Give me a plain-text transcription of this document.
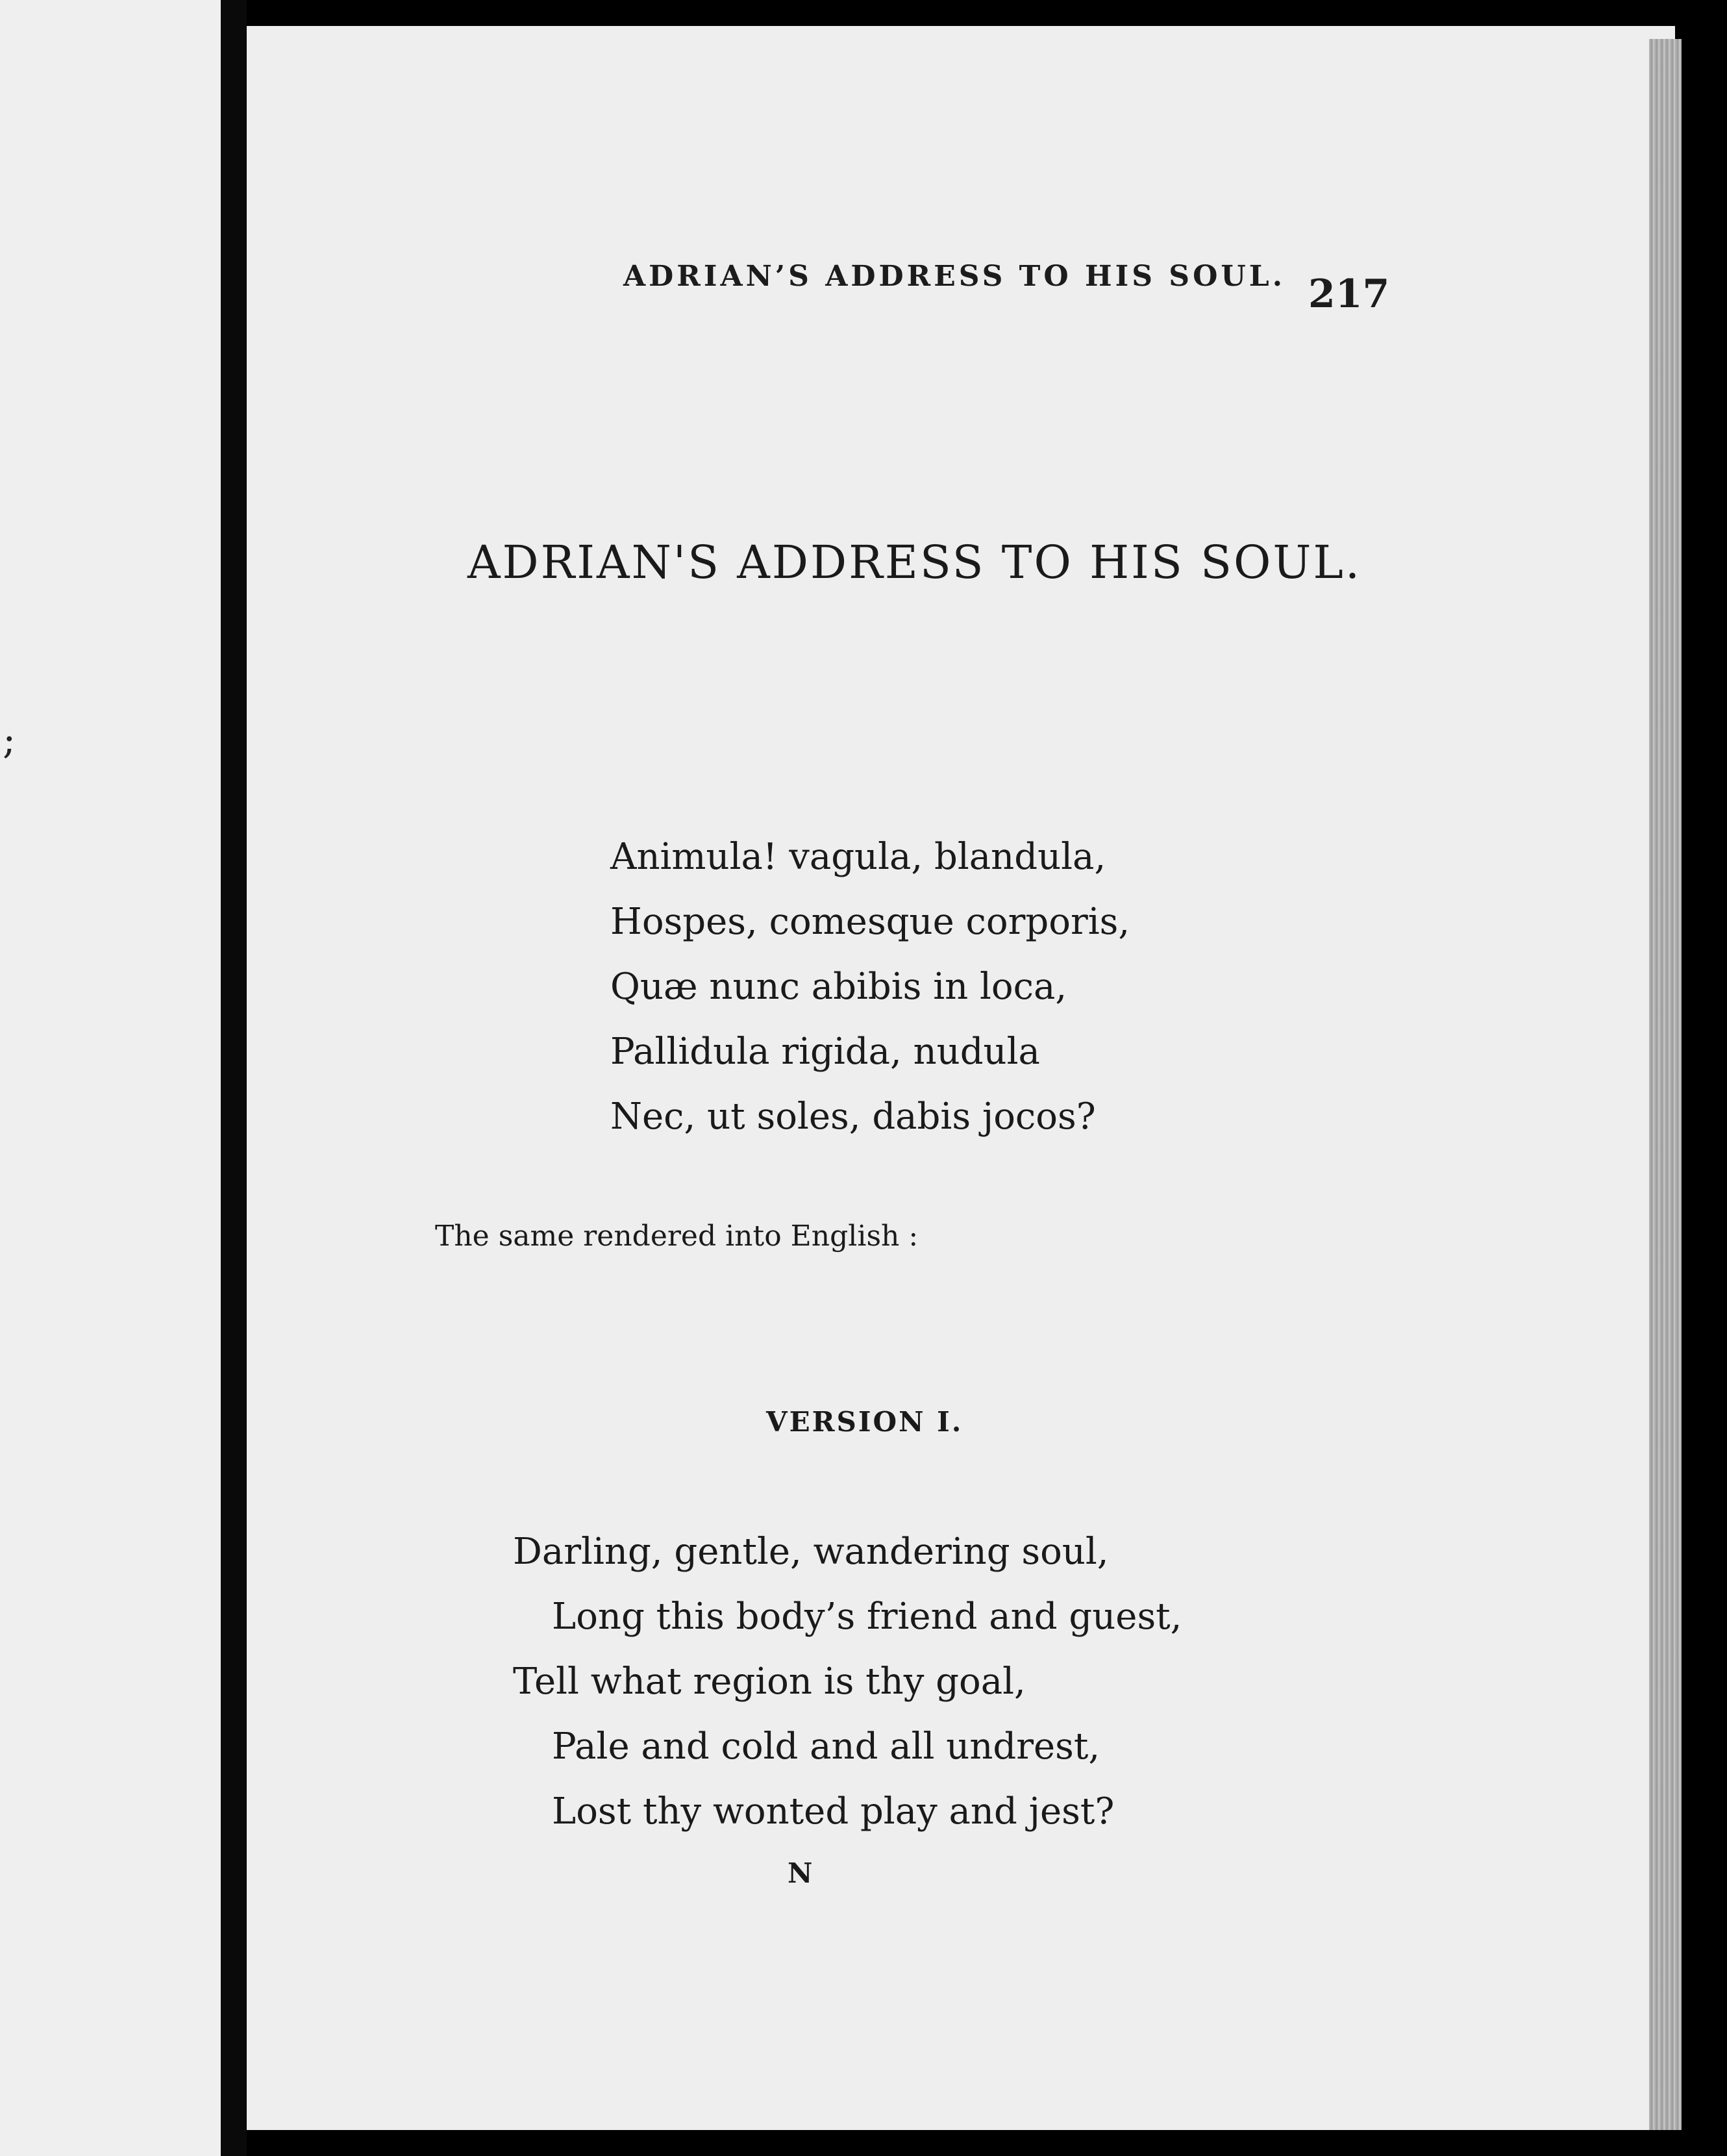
;
ADRIAN’S ADDRESS TO HIS SOUL. 217
ADRIAN'S ADDRESS TO HIS SOUL.
Animula! vagula, blandula,
Hospes, comesque corporis,
Quæ nunc abibis in loca,
Pallidula rigida, nudula
Nec, ut soles, dabis jocos?
The same rendered into English :
VERSION I.
Darling, gentle, wandering soul,
Long this body’s friend and guest,
Tell what region is thy goal,
Pale and cold and all undrest,
Lost thy wonted play and jest?
N
